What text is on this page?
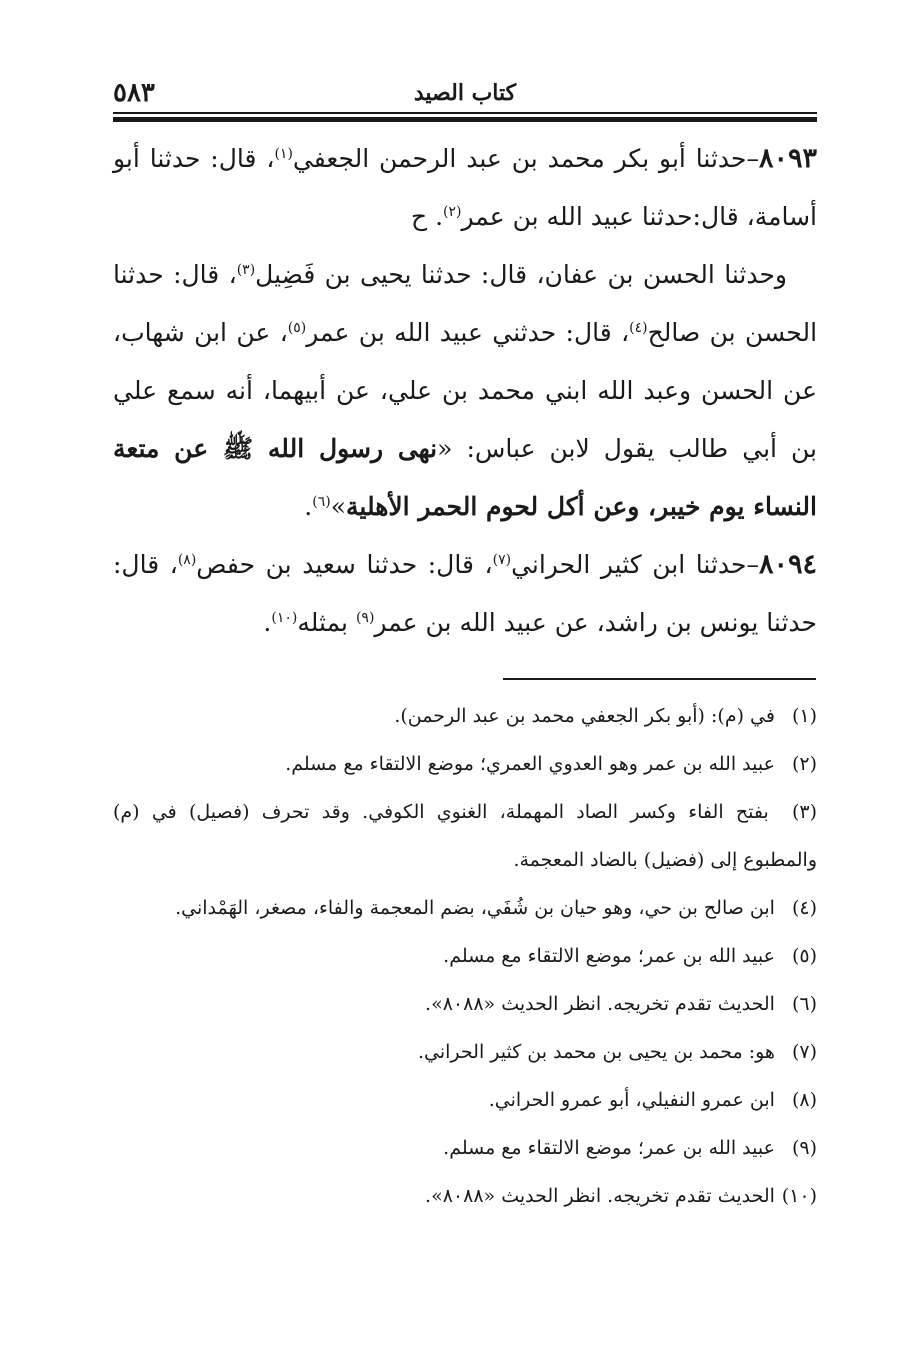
كتاب الصيد
٥٨٣

٨٠٩٣–حدثنا أبو بكر محمد بن عبد الرحمن الجعفي$^{(١)}$، قال: حدثنا أبو أسامة، قال:حدثنا عبيد الله بن عمر$^{(٢)}$. ح

وحدثنا الحسن بن عفان، قال: حدثنا يحيى بن فَضِيل$^{(٣)}$، قال: حدثنا الحسن بن صالح$^{(٤)}$، قال: حدثني عبيد الله بن عمر$^{(٥)}$، عن ابن شهاب، عن الحسن وعبد الله ابني محمد بن علي، عن أبيهما، أنه سمع علي بن أبي طالب يقول لابن عباس: «نهى رسول الله ﷺ عن متعة النساء يوم خيبر، وعن أكل لحوم الحمر الأهلية»$^{(٦)}$.

٨٠٩٤–حدثنا ابن كثير الحراني$^{(٧)}$، قال: حدثنا سعيد بن حفص$^{(٨)}$، قال: حدثنا يونس بن راشد، عن عبيد الله بن عمر$^{(٩)}$ بمثله$^{(١٠)}$.

(١) في (م): (أبو بكر الجعفي محمد بن عبد الرحمن).

(٢) عبيد الله بن عمر وهو العدوي العمري؛ موضع الالتقاء مع مسلم.

(٣) بفتح الفاء وكسر الصاد المهملة، الغنوي الكوفي. وقد تحرف (فصيل) في (م) والمطبوع إلى (فضيل) بالضاد المعجمة.

(٤) ابن صالح بن حي، وهو حيان بن شُفَي، بضم المعجمة والفاء، مصغر، الهَمْداني.

(٥) عبيد الله بن عمر؛ موضع الالتقاء مع مسلم.

(٦) الحديث تقدم تخريجه. انظر الحديث «٨٠٨٨».

(٧) هو: محمد بن يحيى بن محمد بن كثير الحراني.

(٨) ابن عمرو النفيلي، أبو عمرو الحراني.

(٩) عبيد الله بن عمر؛ موضع الالتقاء مع مسلم.

(١٠) الحديث تقدم تخريجه. انظر الحديث «٨٠٨٨».
